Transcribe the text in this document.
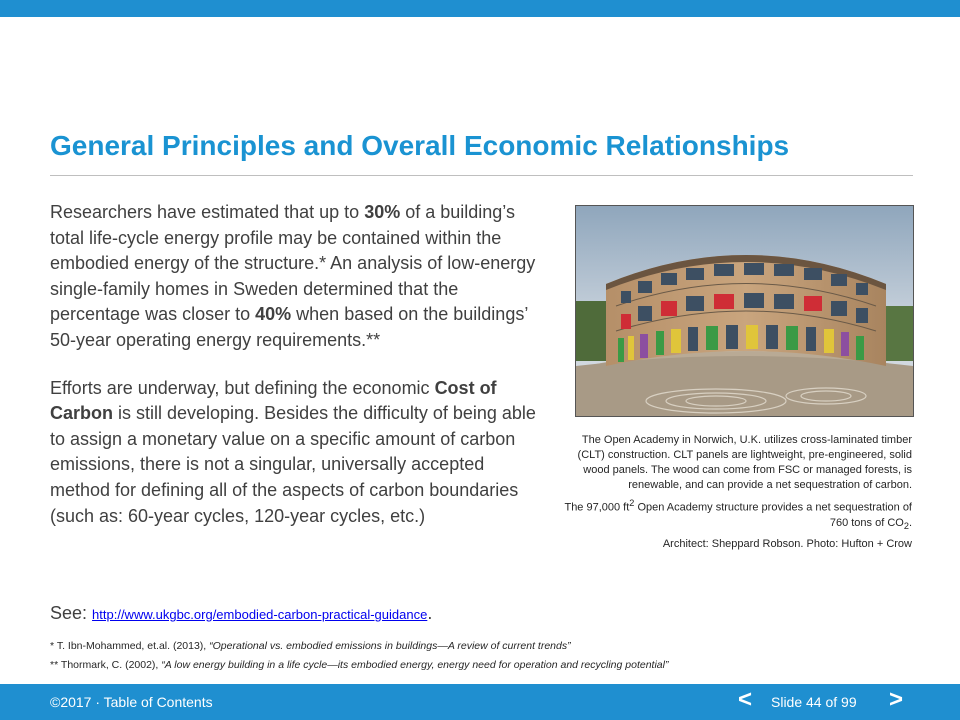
General Principles and Overall Economic Relationships

Researchers have estimated that up to 30% of a building’s total life-cycle energy profile may be contained within the embodied energy of the structure.* An analysis of low-energy single-family homes in Sweden determined that the percentage was closer to 40% when based on the buildings’ 50-year operating energy requirements.**

Efforts are underway, but defining the economic Cost of Carbon is still developing. Besides the difficulty of being able to assign a monetary value on a specific amount of carbon emissions, there is not a singular, universally accepted method for defining all of the aspects of carbon boundaries (such as: 60-year cycles, 120-year cycles, etc.)

See: http://www.ukgbc.org/embodied-carbon-practical-guidance.

The Open Academy in Norwich, U.K. utilizes cross-laminated timber (CLT) construction. CLT panels are lightweight, pre-engineered, solid wood panels. The wood can come from FSC or managed forests, is renewable, and can provide a net sequestration of carbon.

The 97,000 $ft^2$ Open Academy structure provides a net sequestration of 760 tons of $CO_2$.

Architect: Sheppard Robson. Photo: Hufton + Crow

* T. Ibn-Mohammed, et.al. (2013), “Operational vs. embodied emissions in buildings—A review of current trends”

** Thormark, C. (2002), “A low energy building in a life cycle—its embodied energy, energy need for operation and recycling potential”

©2017 · Table of Contents	< Slide 44 of 99 >
